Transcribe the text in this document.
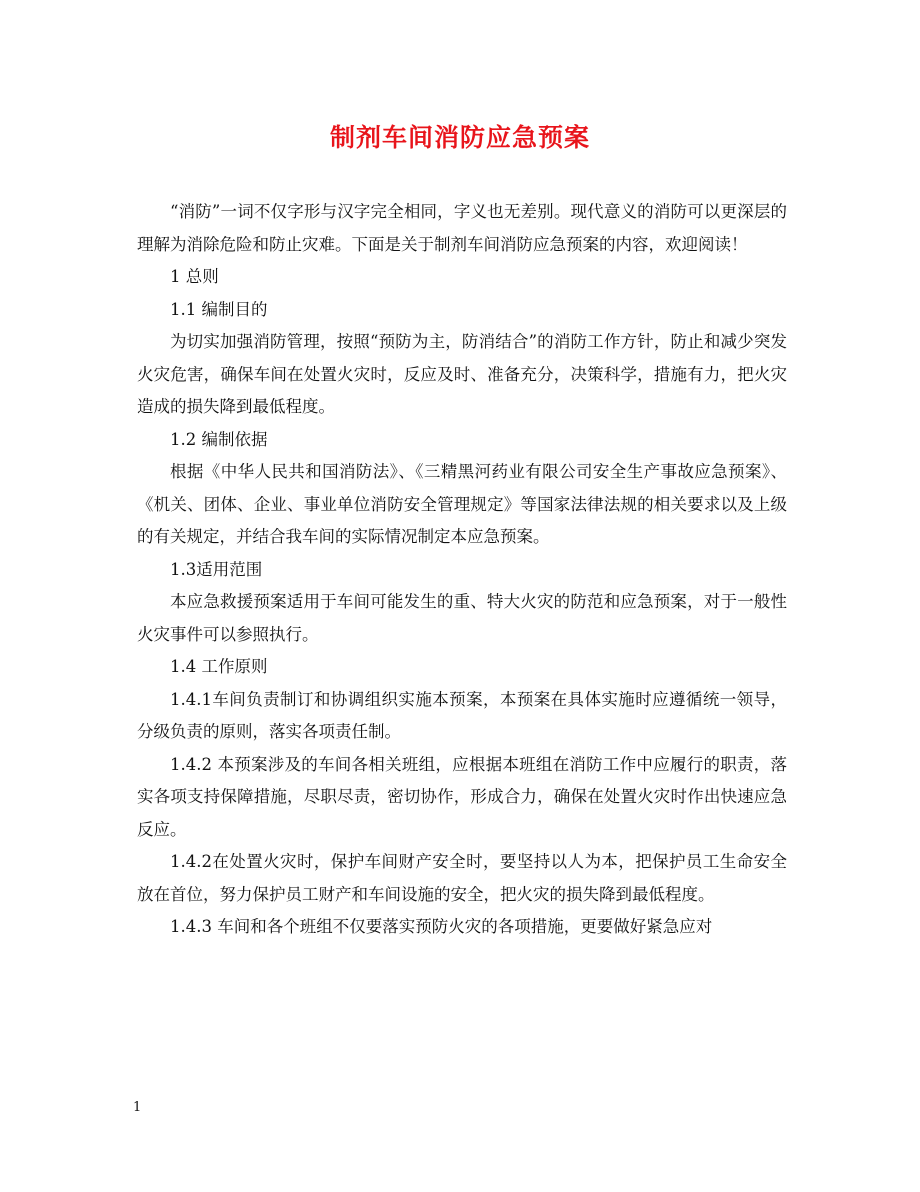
制剂车间消防应急预案

“消防”一词不仅字形与汉字完全相同，字义也无差别。现代意义的消防可以更深层的理解为消除危险和防止灾难。下面是关于制剂车间消防应急预案的内容，欢迎阅读！

1 总则

1.1 编制目的

为切实加强消防管理，按照“预防为主，防消结合”的消防工作方针，防止和减少突发火灾危害，确保车间在处置火灾时，反应及时、准备充分，决策科学，措施有力，把火灾造成的损失降到最低程度。

1.2 编制依据

根据《中华人民共和国消防法》、《三精黑河药业有限公司安全生产事故应急预案》、《机关、团体、企业、事业单位消防安全管理规定》等国家法律法规的相关要求以及上级的有关规定，并结合我车间的实际情况制定本应急预案。

1.3适用范围

本应急救援预案适用于车间可能发生的重、特大火灾的防范和应急预案，对于一般性火灾事件可以参照执行。

1.4 工作原则

1.4.1车间负责制订和协调组织实施本预案，本预案在具体实施时应遵循统一领导，分级负责的原则，落实各项责任制。

1.4.2 本预案涉及的车间各相关班组，应根据本班组在消防工作中应履行的职责，落实各项支持保障措施，尽职尽责，密切协作，形成合力，确保在处置火灾时作出快速应急反应。

1.4.2在处置火灾时，保护车间财产安全时，要坚持以人为本，把保护员工生命安全放在首位，努力保护员工财产和车间设施的安全，把火灾的损失降到最低程度。

1.4.3 车间和各个班组不仅要落实预防火灾的各项措施，更要做好紧急应对

1
